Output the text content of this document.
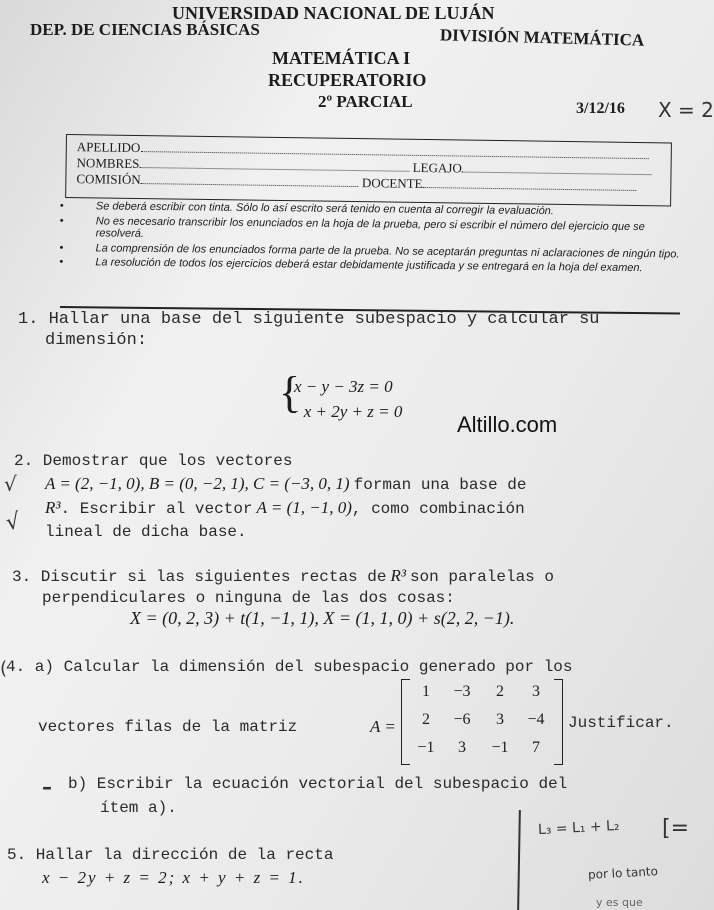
UNIVERSIDAD NACIONAL DE LUJÁN
DEP. DE CIENCIAS BÁSICAS	DIVISIÓN MATEMÁTICA
MATEMÁTICA I
RECUPERATORIO
2º PARCIAL	3/12/16 X = 2
APELLIDO
NOMBRES	LEGAJO
COMISIÓN	DOCENTE
•	Se deberá escribir con tinta. Sólo lo así escrito será tenido en cuenta al corregir la evaluación.
•	No es necesario transcribir los enunciados en la hoja de la prueba, pero si escribir el número del ejercicio que se resolverá.
•	La comprensión de los enunciados forma parte de la prueba. No se aceptarán preguntas ni aclaraciones de ningún tipo.
•	La resolución de todos los ejercicios deberá estar debidamente justificada y se entregará en la hoja del examen.
1. Hallar una base del siguiente subespacio y calcular su
dimensión:
{
x − y − 3z = 0
− x + 2y + z = 0
Altillo.com
2. Demostrar que los vectores
√ A = (2, −1, 0), B = (0, −2, 1), C = (−3, 0, 1) forman una base de
√
R³. Escribir al vector A = (1, −1, 0), como combinación
lineal de dicha base.
3. Discutir si las siguientes rectas de R³ son paralelas o
perpendiculares o ninguna de las dos cosas:
X = (0, 2, 3) + t(1, −1, 1), X = (1, 1, 0) + s(2, 2, −1).
(
4. a) Calcular la dimensión del subespacio generado por los
vectores filas de la matriz	A =
1	−3	2	3
2	−6	3	−4
−1	3	−1	7
Justificar.
– b) Escribir la ecuación vectorial del subespacio del
ítem a).
5. Hallar la dirección de la recta
x − 2y + z = 2; x + y + z = 1.
L₃ = L₁ + L₂ [=
por lo tanto
y es que
